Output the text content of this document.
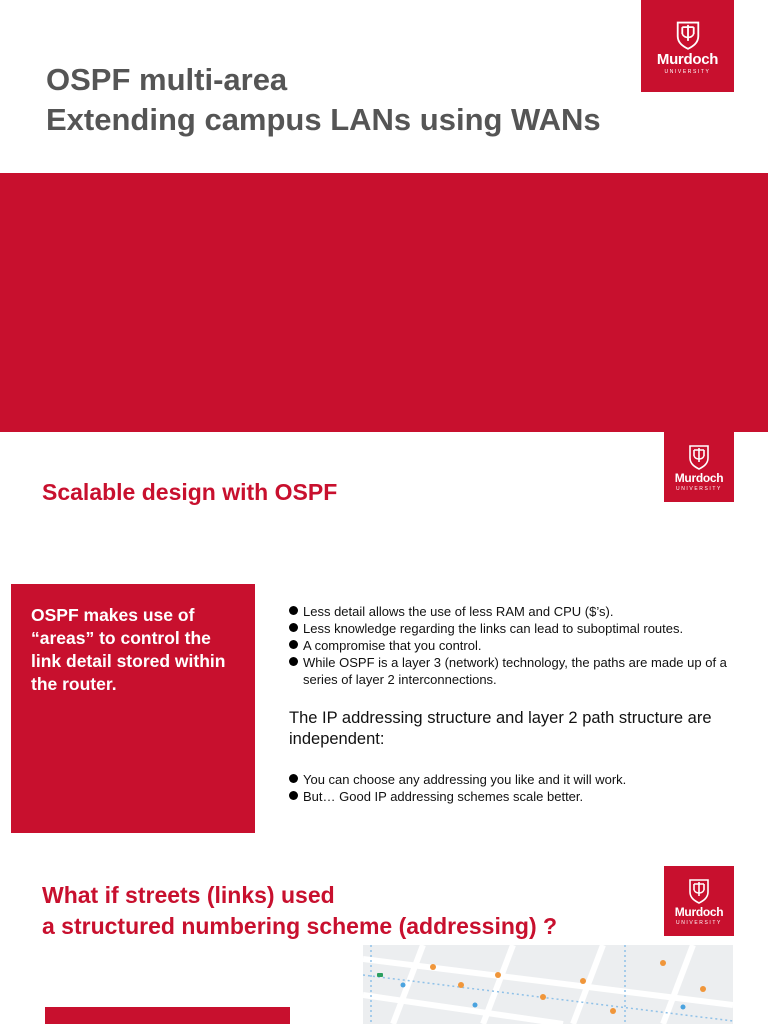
OSPF multi-area
Extending campus LANs using WANs
Murdoch
UNIVERSITY
Murdoch
UNIVERSITY
Scalable design with OSPF
OSPF makes use of “areas” to control the link detail stored within the router.
Less detail allows the use of less RAM and CPU ($’s).
Less knowledge regarding the links can lead to suboptimal routes.
A compromise that you control.
While OSPF is a layer 3 (network) technology, the paths are made up of a series of layer 2 interconnections.

The IP addressing structure and layer 2 path structure are independent:

You can choose any addressing you like and it will work.
But… Good IP addressing schemes scale better.
Murdoch
UNIVERSITY
What if streets (links) used
a structured numbering scheme (addressing) ?
